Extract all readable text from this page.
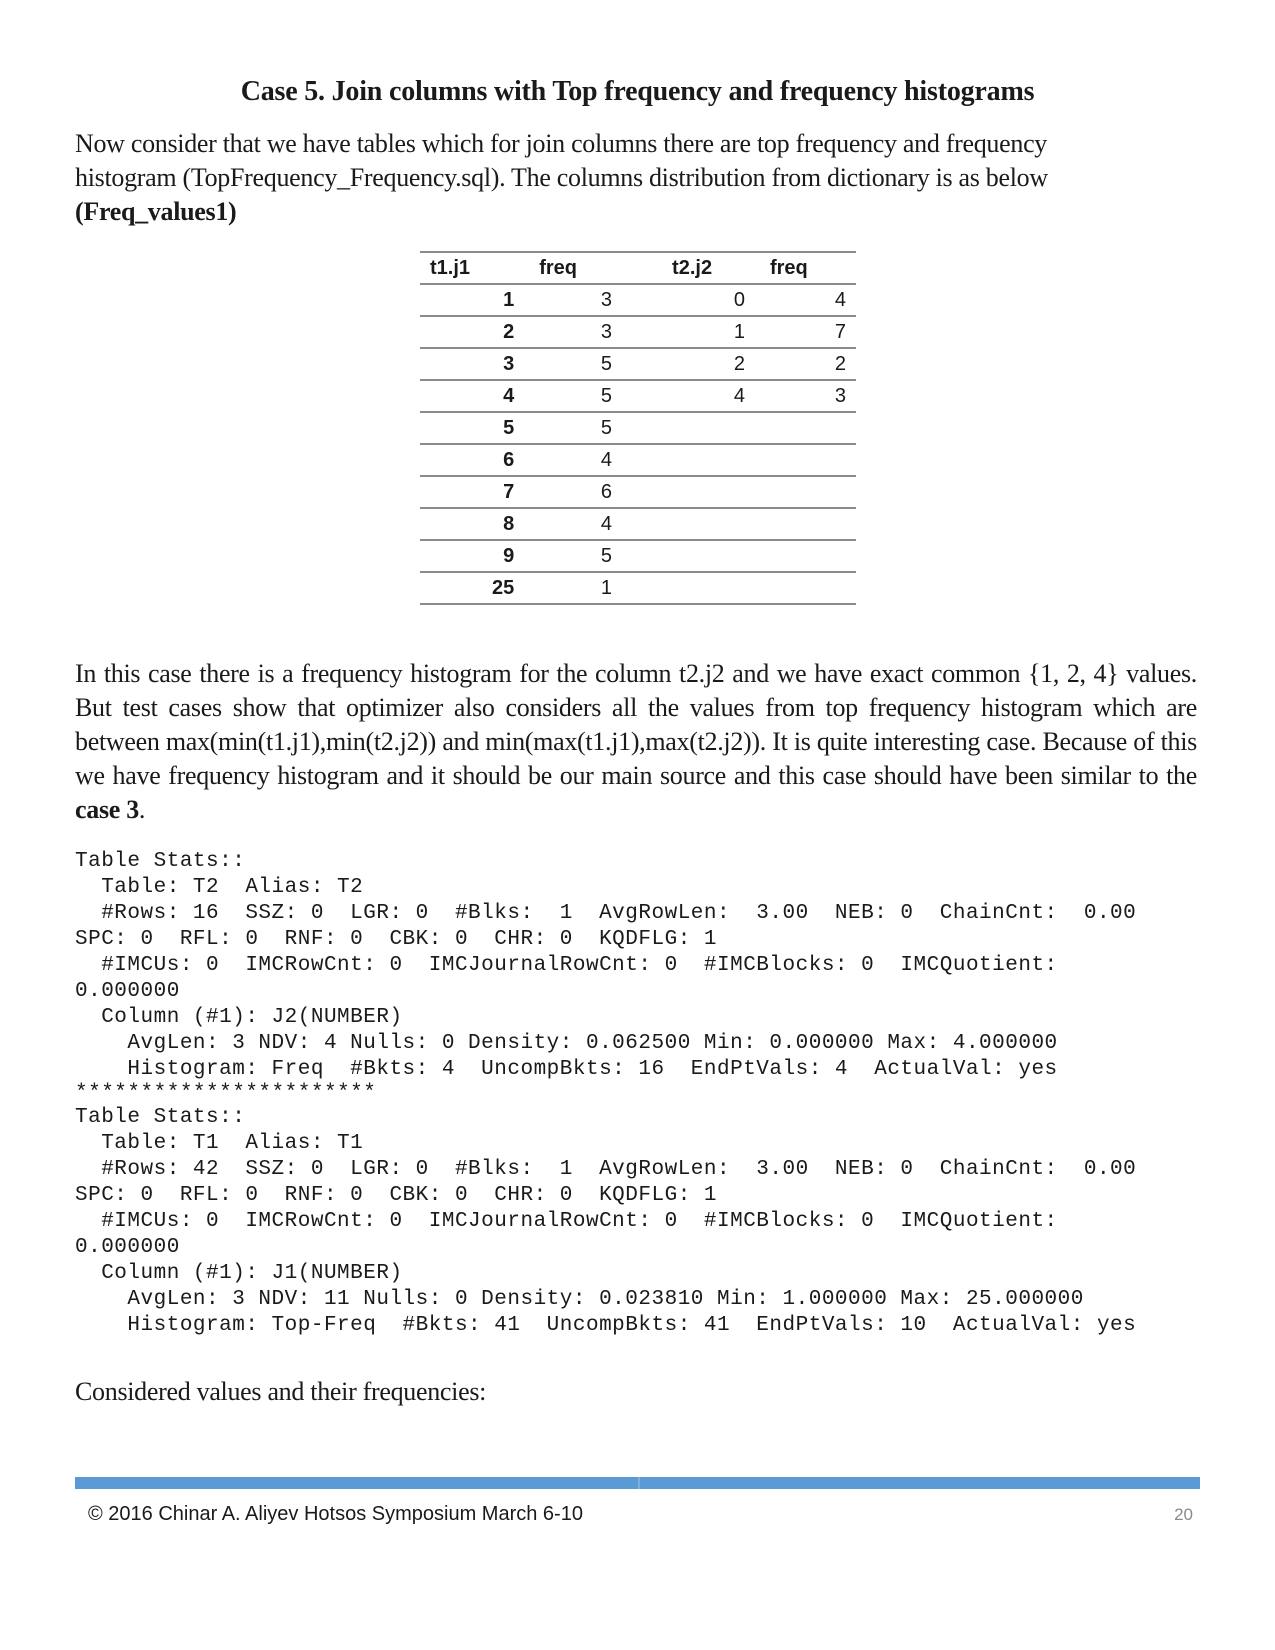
Case 5. Join columns with Top frequency and frequency histograms

Now consider that we have tables which for join columns there are top frequency and frequency
histogram (TopFrequency_Frequency.sql). The columns distribution from dictionary is as below
(Freq_values1)

t1.j1	freq	t2.j2	freq
1	3	0	4
2	3	1	7
3	5	2	2
4	5	4	3
5	5		
6	4		
7	6		
8	4		
9	5		
25	1		

In this case there is a frequency histogram for the column t2.j2 and we have exact common {1, 2, 4} values. But test cases show that optimizer also considers all the values from top frequency histogram which are between max(min(t1.j1),min(t2.j2)) and min(max(t1.j1),max(t2.j2)). It is quite interesting case. Because of this we have frequency histogram and it should be our main source and this case should have been similar to the case 3.

Table Stats::
Table: T2  Alias: T2
#Rows: 16  SSZ: 0  LGR: 0  #Blks:  1  AvgRowLen:  3.00  NEB: 0  ChainCnt:  0.00
SPC: 0  RFL: 0  RNF: 0  CBK: 0  CHR: 0  KQDFLG: 1
#IMCUs: 0  IMCRowCnt: 0  IMCJournalRowCnt: 0  #IMCBlocks: 0  IMCQuotient:
0.000000
Column (#1): J2(NUMBER)
AvgLen: 3 NDV: 4 Nulls: 0 Density: 0.062500 Min: 0.000000 Max: 4.000000
Histogram: Freq  #Bkts: 4  UncompBkts: 16  EndPtVals: 4  ActualVal: yes
***********************
Table Stats::
Table: T1  Alias: T1
#Rows: 42  SSZ: 0  LGR: 0  #Blks:  1  AvgRowLen:  3.00  NEB: 0  ChainCnt:  0.00
SPC: 0  RFL: 0  RNF: 0  CBK: 0  CHR: 0  KQDFLG: 1
#IMCUs: 0  IMCRowCnt: 0  IMCJournalRowCnt: 0  #IMCBlocks: 0  IMCQuotient:
0.000000
Column (#1): J1(NUMBER)
AvgLen: 3 NDV: 11 Nulls: 0 Density: 0.023810 Min: 1.000000 Max: 25.000000
Histogram: Top-Freq  #Bkts: 41  UncompBkts: 41  EndPtVals: 10  ActualVal: yes

Considered values and their frequencies:

© 2016 Chinar A. Aliyev Hotsos Symposium March 6-10	20
